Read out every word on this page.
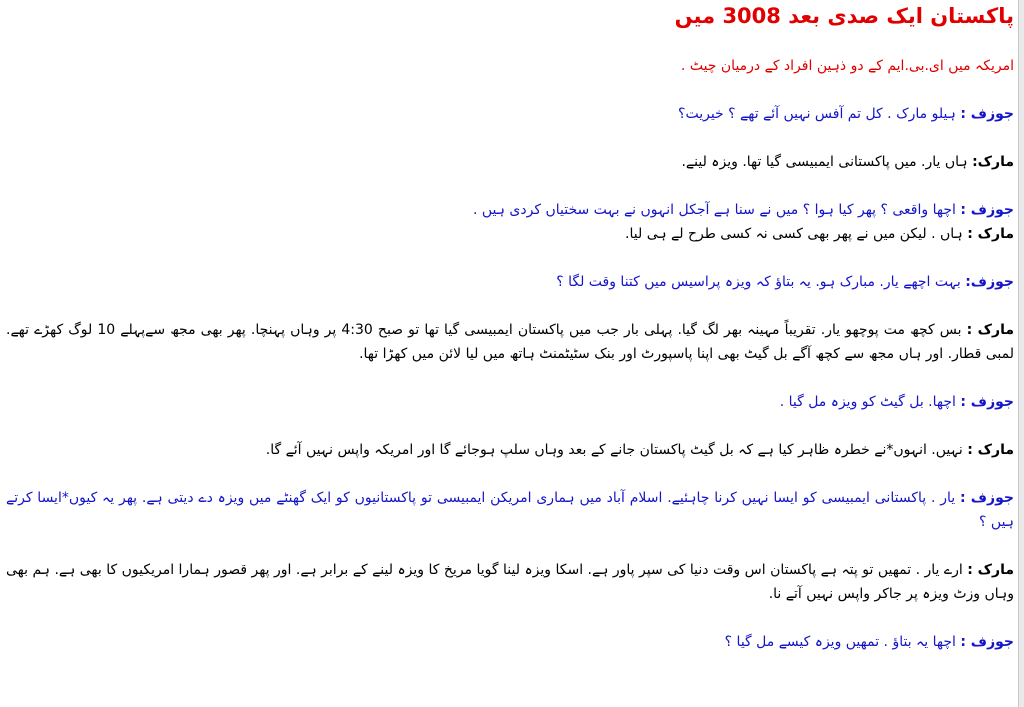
پاکستان ایک صدی بعد 3008 میں

امریکہ میں ای.بی.ایم کے دو ذہین افراد کے درمیان چیٹ .

جوزف : ہیلو مارک . کل تم آفس نہیں آئے تھے ؟ خیریت؟

مارک: ہاں یار. میں پاکستانی ایمبیسی گیا تھا. ویزہ لینے.

جوزف : اچھا واقعی ؟ پھر کیا ہوا ؟ میں نے سنا ہے آجکل انہوں نے بہت سختیاں کردی ہیں .

مارک : ہاں . لیکن میں نے پھر بھی کسی نہ کسی طرح لے ہی لیا.

جوزف: بہت اچھے یار. مبارک ہو. یہ بتاؤ کہ ویزہ پراسیس میں کتنا وقت لگا ؟

مارک : بس کچھ مت پوچھو یار. تقریباً مہینہ بھر لگ گیا. پہلی بار جب میں پاکستان ایمبیسی گیا تھا تو صبح 4:30 پر وہاں پہنچا. پھر بھی مجھ سےپہلے 10 لوگ کھڑے تھے. لمبی قطار. اور ہاں مجھ سے کچھ آگے بل گیٹ بھی اپنا پاسپورٹ اور بنک سٹیٹمنٹ ہاتھ میں لیا لائن میں کھڑا تھا.

جوزف : اچھا. بل گیٹ کو ویزہ مل گیا .

مارک : نہیں. انہوں*نے خطرہ ظاہر کیا ہے کہ بل گیٹ پاکستان جانے کے بعد وہاں سلپ ہوجائے گا اور امریکہ واپس نہیں آئے گا.

جوزف : یار . پاکستانی ایمبیسی کو ایسا نہیں کرنا چاہئیے. اسلام آباد میں ہماری امریکن ایمبیسی تو پاکستانیوں کو ایک گھنٹے میں ویزہ دے دیتی ہے. پھر یہ کیوں*ایسا کرتے ہیں ؟

مارک : ارے یار . تمھیں تو پتہ ہے پاکستان اس وقت دنیا کی سپر پاور ہے. اسکا ویزہ لینا گویا مریخ کا ویزہ لینے کے برابر ہے. اور پھر قصور ہمارا امریکیوں کا بھی ہے. ہم بھی وہاں وزٹ ویزہ پر جاکر واپس نہیں آتے نا.

جوزف : اچھا یہ بتاؤ . تمھیں ویزہ کیسے مل گیا ؟
